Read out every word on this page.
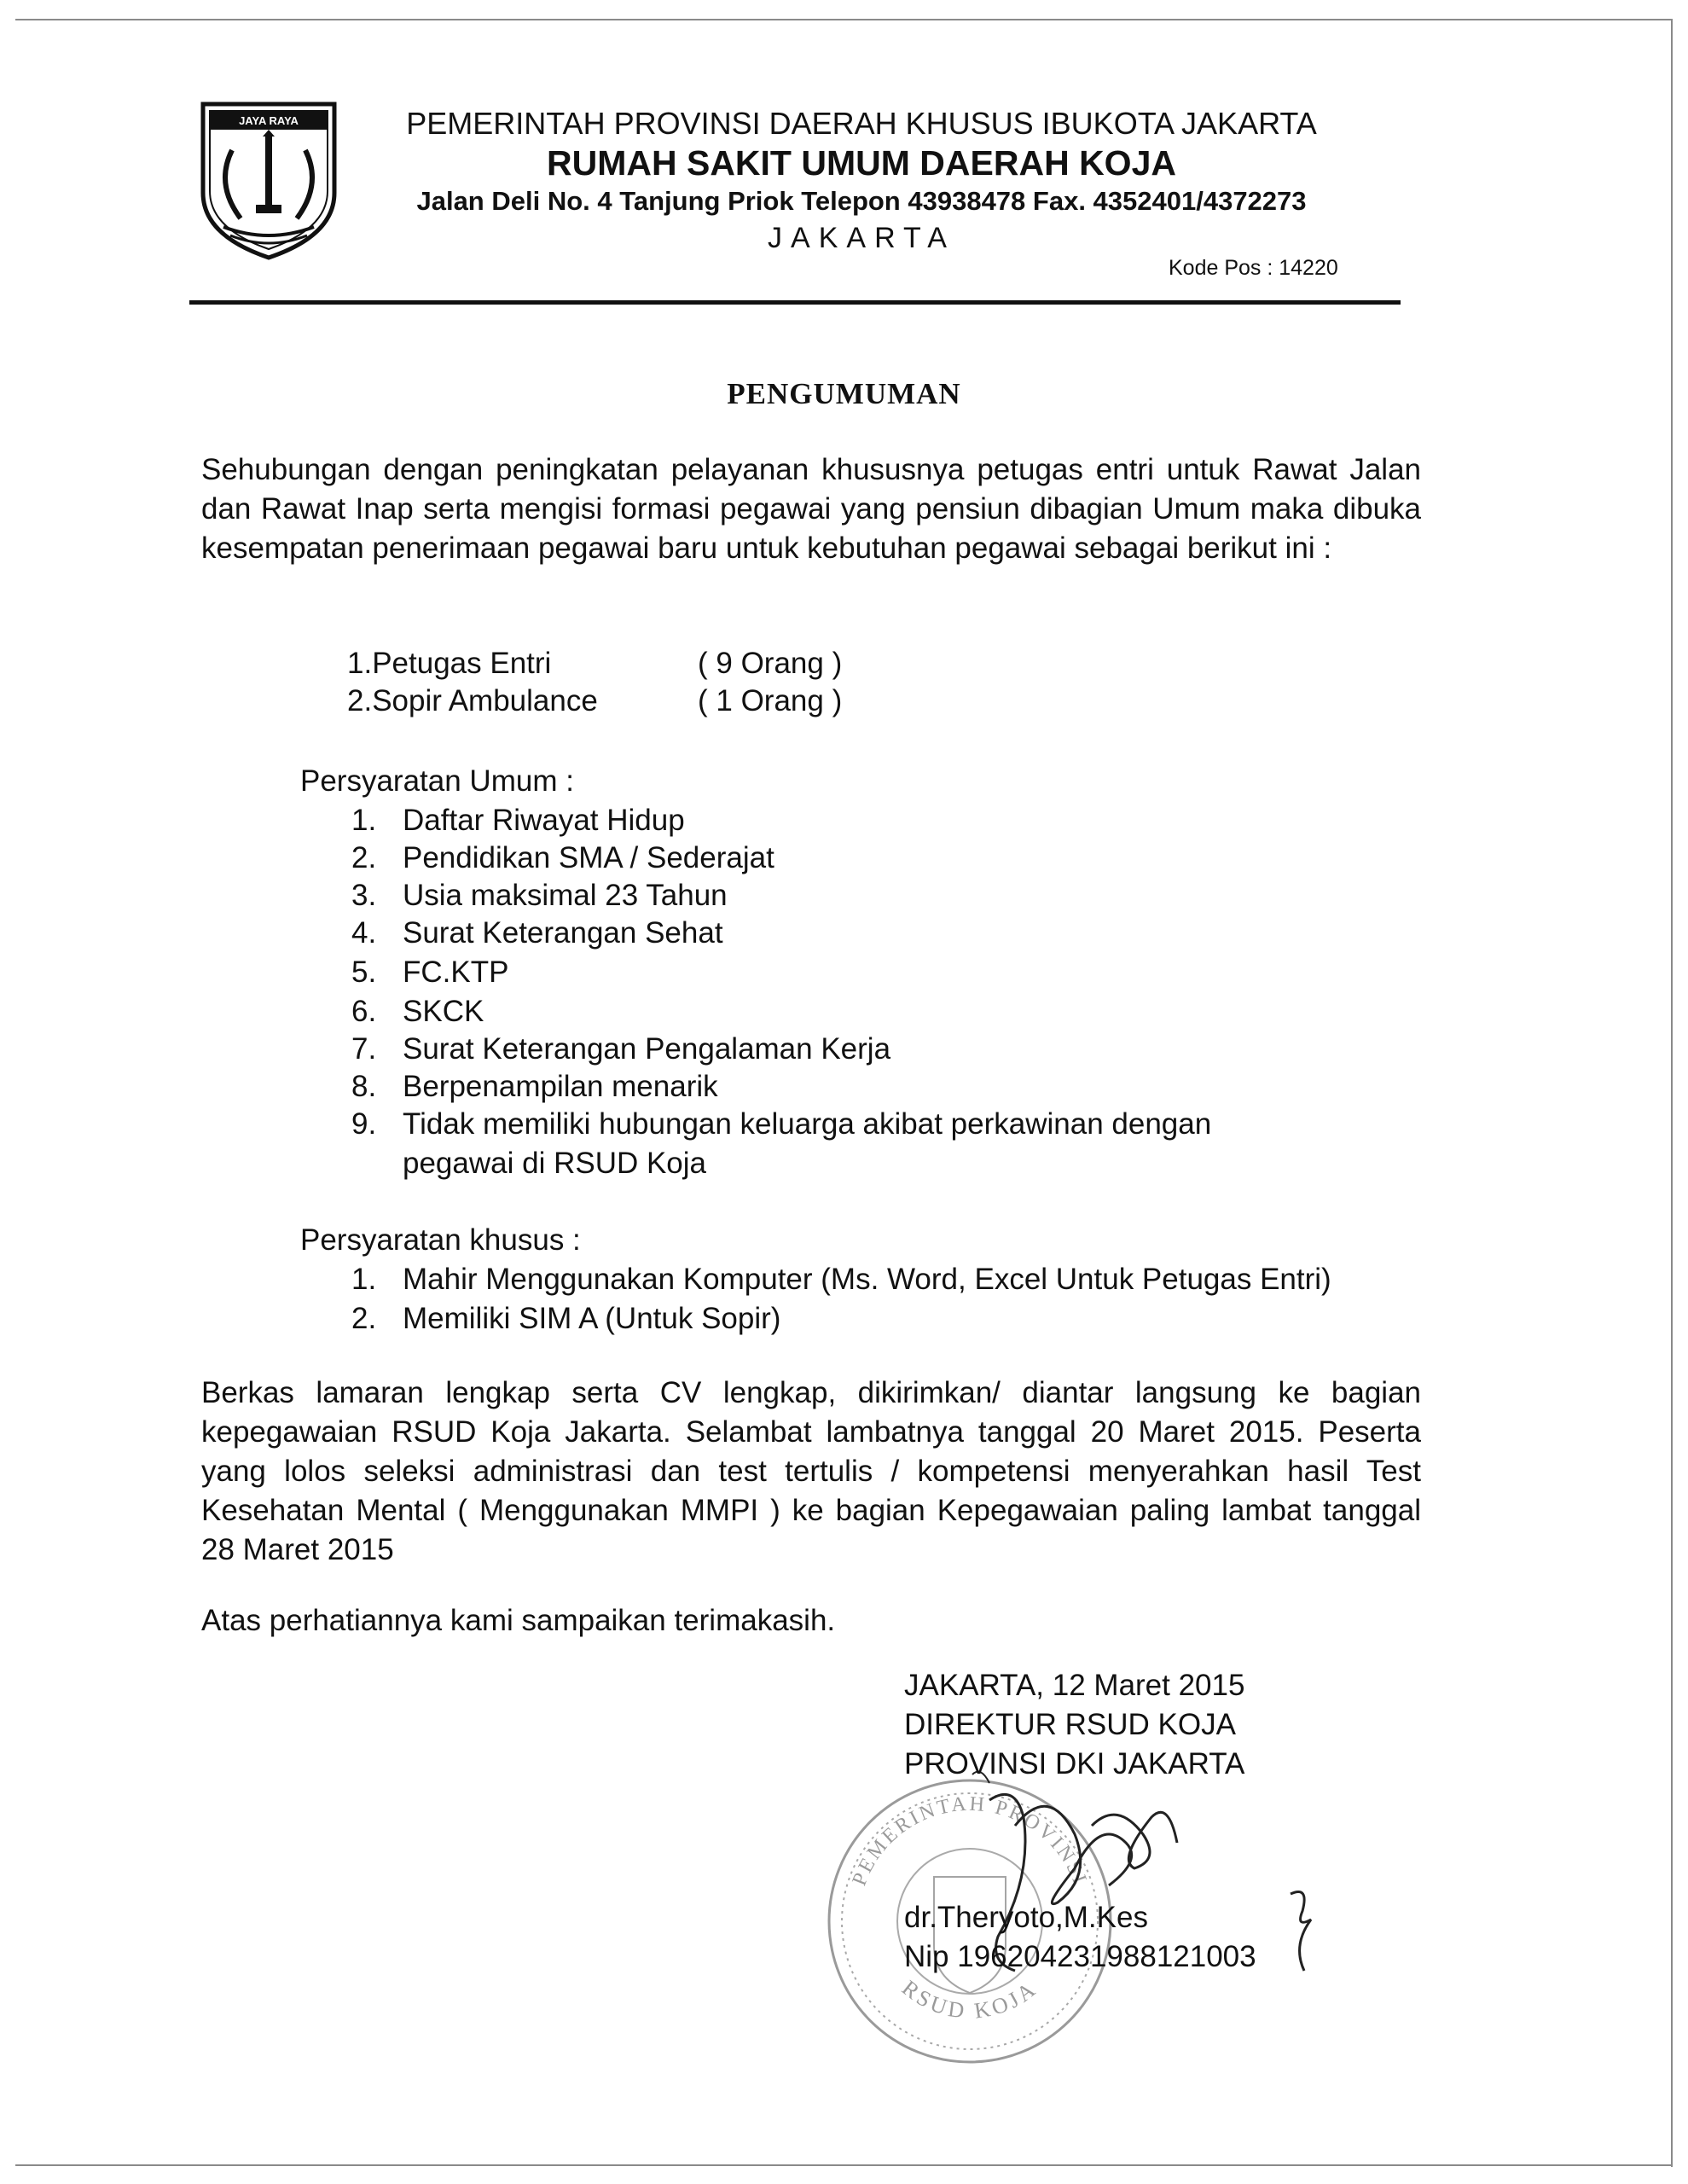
JAYA RAYA	PEMERINTAH PROVINSI DAERAH KHUSUS IBUKOTA JAKARTA
RUMAH SAKIT UMUM DAERAH KOJA
Jalan Deli No. 4 Tanjung Priok Telepon 43938478 Fax. 4352401/4372273
JAKARTA
Kode Pos : 14220
PENGUMUMAN
Sehubungan dengan peningkatan pelayanan khususnya petugas entri untuk Rawat Jalan dan Rawat Inap serta mengisi formasi pegawai yang pensiun dibagian Umum maka dibuka kesempatan penerimaan pegawai baru untuk kebutuhan pegawai sebagai berikut ini :
1.Petugas Entri	( 9 Orang )
2.Sopir Ambulance	( 1 Orang )
Persyaratan Umum :
1. Daftar Riwayat Hidup
2. Pendidikan SMA / Sederajat
3. Usia maksimal 23 Tahun
4. Surat Keterangan Sehat
5. FC.KTP
6. SKCK
7. Surat Keterangan Pengalaman Kerja
8. Berpenampilan menarik
9. Tidak memiliki hubungan keluarga akibat perkawinan dengan
pegawai di RSUD Koja
Persyaratan khusus :
1. Mahir Menggunakan Komputer (Ms. Word, Excel Untuk Petugas Entri)
2. Memiliki SIM A (Untuk Sopir)
Berkas lamaran lengkap serta CV lengkap, dikirimkan/ diantar langsung ke bagian kepegawaian RSUD Koja Jakarta. Selambat lambatnya tanggal 20 Maret 2015. Peserta yang lolos seleksi administrasi dan test tertulis / kompetensi menyerahkan hasil Test Kesehatan Mental ( Menggunakan MMPI ) ke bagian Kepegawaian paling lambat tanggal 28 Maret 2015
Atas perhatiannya kami sampaikan terimakasih.
PEMERINTAH PROVINSI
RSUD KOJA
JAKARTA, 12 Maret 2015
DIREKTUR RSUD KOJA
PROVINSI DKI JAKARTA
dr.Theryoto,M.Kes
Nip 196204231988121003
